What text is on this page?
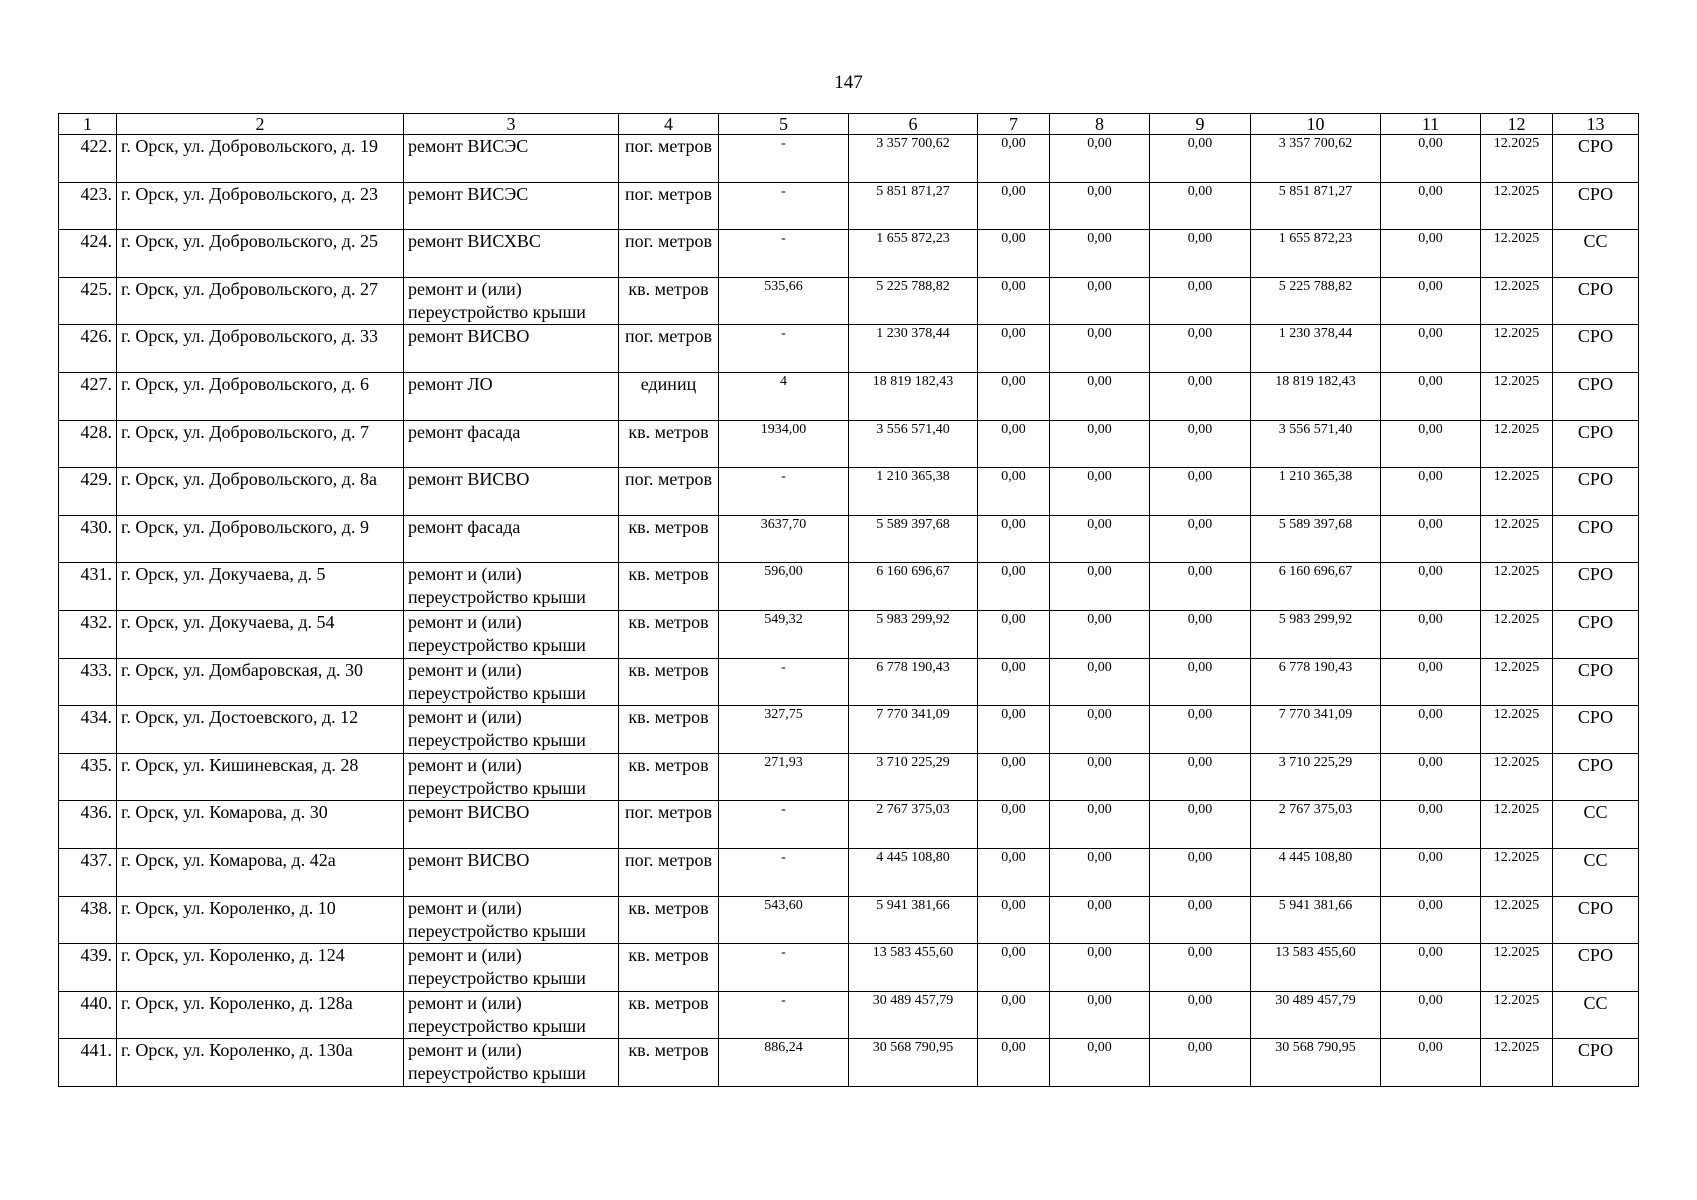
147
1	2	3	4	5	6	7	8	9	10	11	12	13
422.	г. Орск, ул. Добровольского, д. 19	ремонт ВИСЭС	пог. метров	-	3 357 700,62	0,00	0,00	0,00	3 357 700,62	0,00	12.2025	СРО
423.	г. Орск, ул. Добровольского, д. 23	ремонт ВИСЭС	пог. метров	-	5 851 871,27	0,00	0,00	0,00	5 851 871,27	0,00	12.2025	СРО
424.	г. Орск, ул. Добровольского, д. 25	ремонт ВИСХВС	пог. метров	-	1 655 872,23	0,00	0,00	0,00	1 655 872,23	0,00	12.2025	СС
425.	г. Орск, ул. Добровольского, д. 27	ремонт и (или)
переустройство крыши	кв. метров	535,66	5 225 788,82	0,00	0,00	0,00	5 225 788,82	0,00	12.2025	СРО
426.	г. Орск, ул. Добровольского, д. 33	ремонт ВИСВО	пог. метров	-	1 230 378,44	0,00	0,00	0,00	1 230 378,44	0,00	12.2025	СРО
427.	г. Орск, ул. Добровольского, д. 6	ремонт ЛО	единиц	4	18 819 182,43	0,00	0,00	0,00	18 819 182,43	0,00	12.2025	СРО
428.	г. Орск, ул. Добровольского, д. 7	ремонт фасада	кв. метров	1934,00	3 556 571,40	0,00	0,00	0,00	3 556 571,40	0,00	12.2025	СРО
429.	г. Орск, ул. Добровольского, д. 8а	ремонт ВИСВО	пог. метров	-	1 210 365,38	0,00	0,00	0,00	1 210 365,38	0,00	12.2025	СРО
430.	г. Орск, ул. Добровольского, д. 9	ремонт фасада	кв. метров	3637,70	5 589 397,68	0,00	0,00	0,00	5 589 397,68	0,00	12.2025	СРО
431.	г. Орск, ул. Докучаева, д. 5	ремонт и (или)
переустройство крыши	кв. метров	596,00	6 160 696,67	0,00	0,00	0,00	6 160 696,67	0,00	12.2025	СРО
432.	г. Орск, ул. Докучаева, д. 54	ремонт и (или)
переустройство крыши	кв. метров	549,32	5 983 299,92	0,00	0,00	0,00	5 983 299,92	0,00	12.2025	СРО
433.	г. Орск, ул. Домбаровская, д. 30	ремонт и (или)
переустройство крыши	кв. метров	-	6 778 190,43	0,00	0,00	0,00	6 778 190,43	0,00	12.2025	СРО
434.	г. Орск, ул. Достоевского, д. 12	ремонт и (или)
переустройство крыши	кв. метров	327,75	7 770 341,09	0,00	0,00	0,00	7 770 341,09	0,00	12.2025	СРО
435.	г. Орск, ул. Кишиневская, д. 28	ремонт и (или)
переустройство крыши	кв. метров	271,93	3 710 225,29	0,00	0,00	0,00	3 710 225,29	0,00	12.2025	СРО
436.	г. Орск, ул. Комарова, д. 30	ремонт ВИСВО	пог. метров	-	2 767 375,03	0,00	0,00	0,00	2 767 375,03	0,00	12.2025	СС
437.	г. Орск, ул. Комарова, д. 42а	ремонт ВИСВО	пог. метров	-	4 445 108,80	0,00	0,00	0,00	4 445 108,80	0,00	12.2025	СС
438.	г. Орск, ул. Короленко, д. 10	ремонт и (или)
переустройство крыши	кв. метров	543,60	5 941 381,66	0,00	0,00	0,00	5 941 381,66	0,00	12.2025	СРО
439.	г. Орск, ул. Короленко, д. 124	ремонт и (или)
переустройство крыши	кв. метров	-	13 583 455,60	0,00	0,00	0,00	13 583 455,60	0,00	12.2025	СРО
440.	г. Орск, ул. Короленко, д. 128а	ремонт и (или)
переустройство крыши	кв. метров	-	30 489 457,79	0,00	0,00	0,00	30 489 457,79	0,00	12.2025	СС
441.	г. Орск, ул. Короленко, д. 130а	ремонт и (или)
переустройство крыши	кв. метров	886,24	30 568 790,95	0,00	0,00	0,00	30 568 790,95	0,00	12.2025	СРО
